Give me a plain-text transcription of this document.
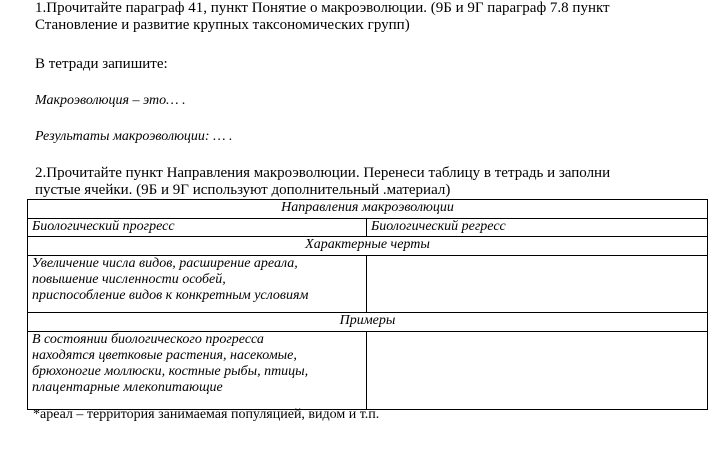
1.Прочитайте параграф 41, пункт Понятие о макроэволюции. (9Б и 9Г параграф 7.8 пункт
Становление и развитие крупных таксономических групп)
В тетради запишите:
Макроэволюция – это… .
Результаты макроэволюции: … .
2.Прочитайте пункт Направления макроэволюции. Перенеси таблицу в тетрадь и заполни
пустые ячейки. (9Б и 9Г используют дополнительный .материал)
Направления макроэволюции	
Биологический прогресс	Биологический регресс
Характерные черты	
Увеличение числа видов, расширение ареала,
повышение численности особей,
приспособление видов к конкретным условиям	
Примеры	
В состоянии биологического прогресса
находятся цветковые растения, насекомые,
брюхоногие моллюски, костные рыбы, птицы,
плацентарные млекопитающие	
*ареал – территория занимаемая популяцией, видом и т.п.
